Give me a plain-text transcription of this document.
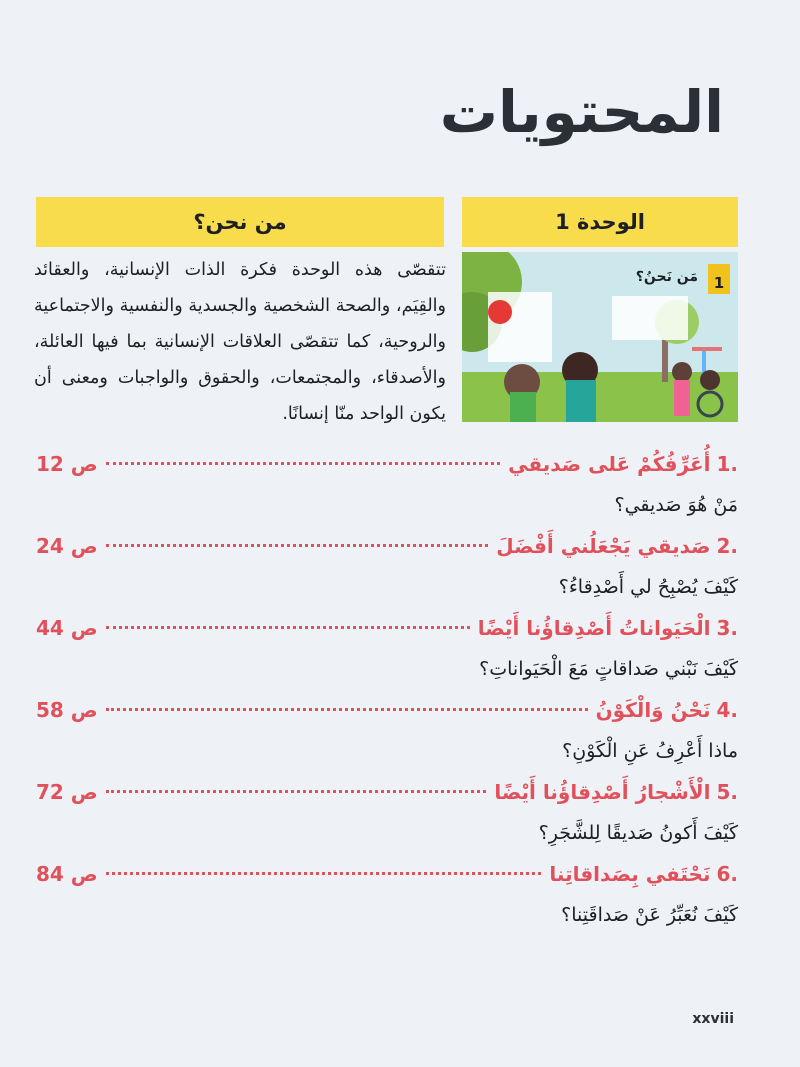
المحتويات
الوحدة 1
من نحن؟
1
مَن نَحنُ؟
تتقصّى هذه الوحدة فكرة الذات الإنسانية، والعقائد والقِيَم، والصحة الشخصية والجسدية والنفسية والاجتماعية والروحية، كما تتقصّى العلاقات الإنسانية بما فيها العائلة، والأصدقاء، والمجتمعات، والحقوق والواجبات ومعنى أن يكون الواحد منّا إنسانًا.
1.
أُعَرِّفُكُمْ عَلى صَديقي
ص 12
مَنْ هُوَ صَديقي؟
2.
صَديقي يَجْعَلُني أَفْضَلَ
ص 24
كَيْفَ يُصْبِحُ لي أَصْدِقاءُ؟
3.
الْحَيَواناتُ أَصْدِقاؤُنا أَيْضًا
ص 44
كَيْفَ نَبْني صَداقاتٍ مَعَ الْحَيَواناتِ؟
4.
نَحْنُ وَالْكَوْنُ
ص 58
ماذا أَعْرِفُ عَنِ الْكَوْنِ؟
5.
الْأَشْجارُ أَصْدِقاؤُنا أَيْضًا
ص 72
كَيْفَ أَكونُ صَديقًا لِلشَّجَرِ؟
6.
نَحْتَفي بِصَداقاتِنا
ص 84
كَيْفَ نُعَبِّرُ عَنْ صَداقَتِنا؟
xxviii
